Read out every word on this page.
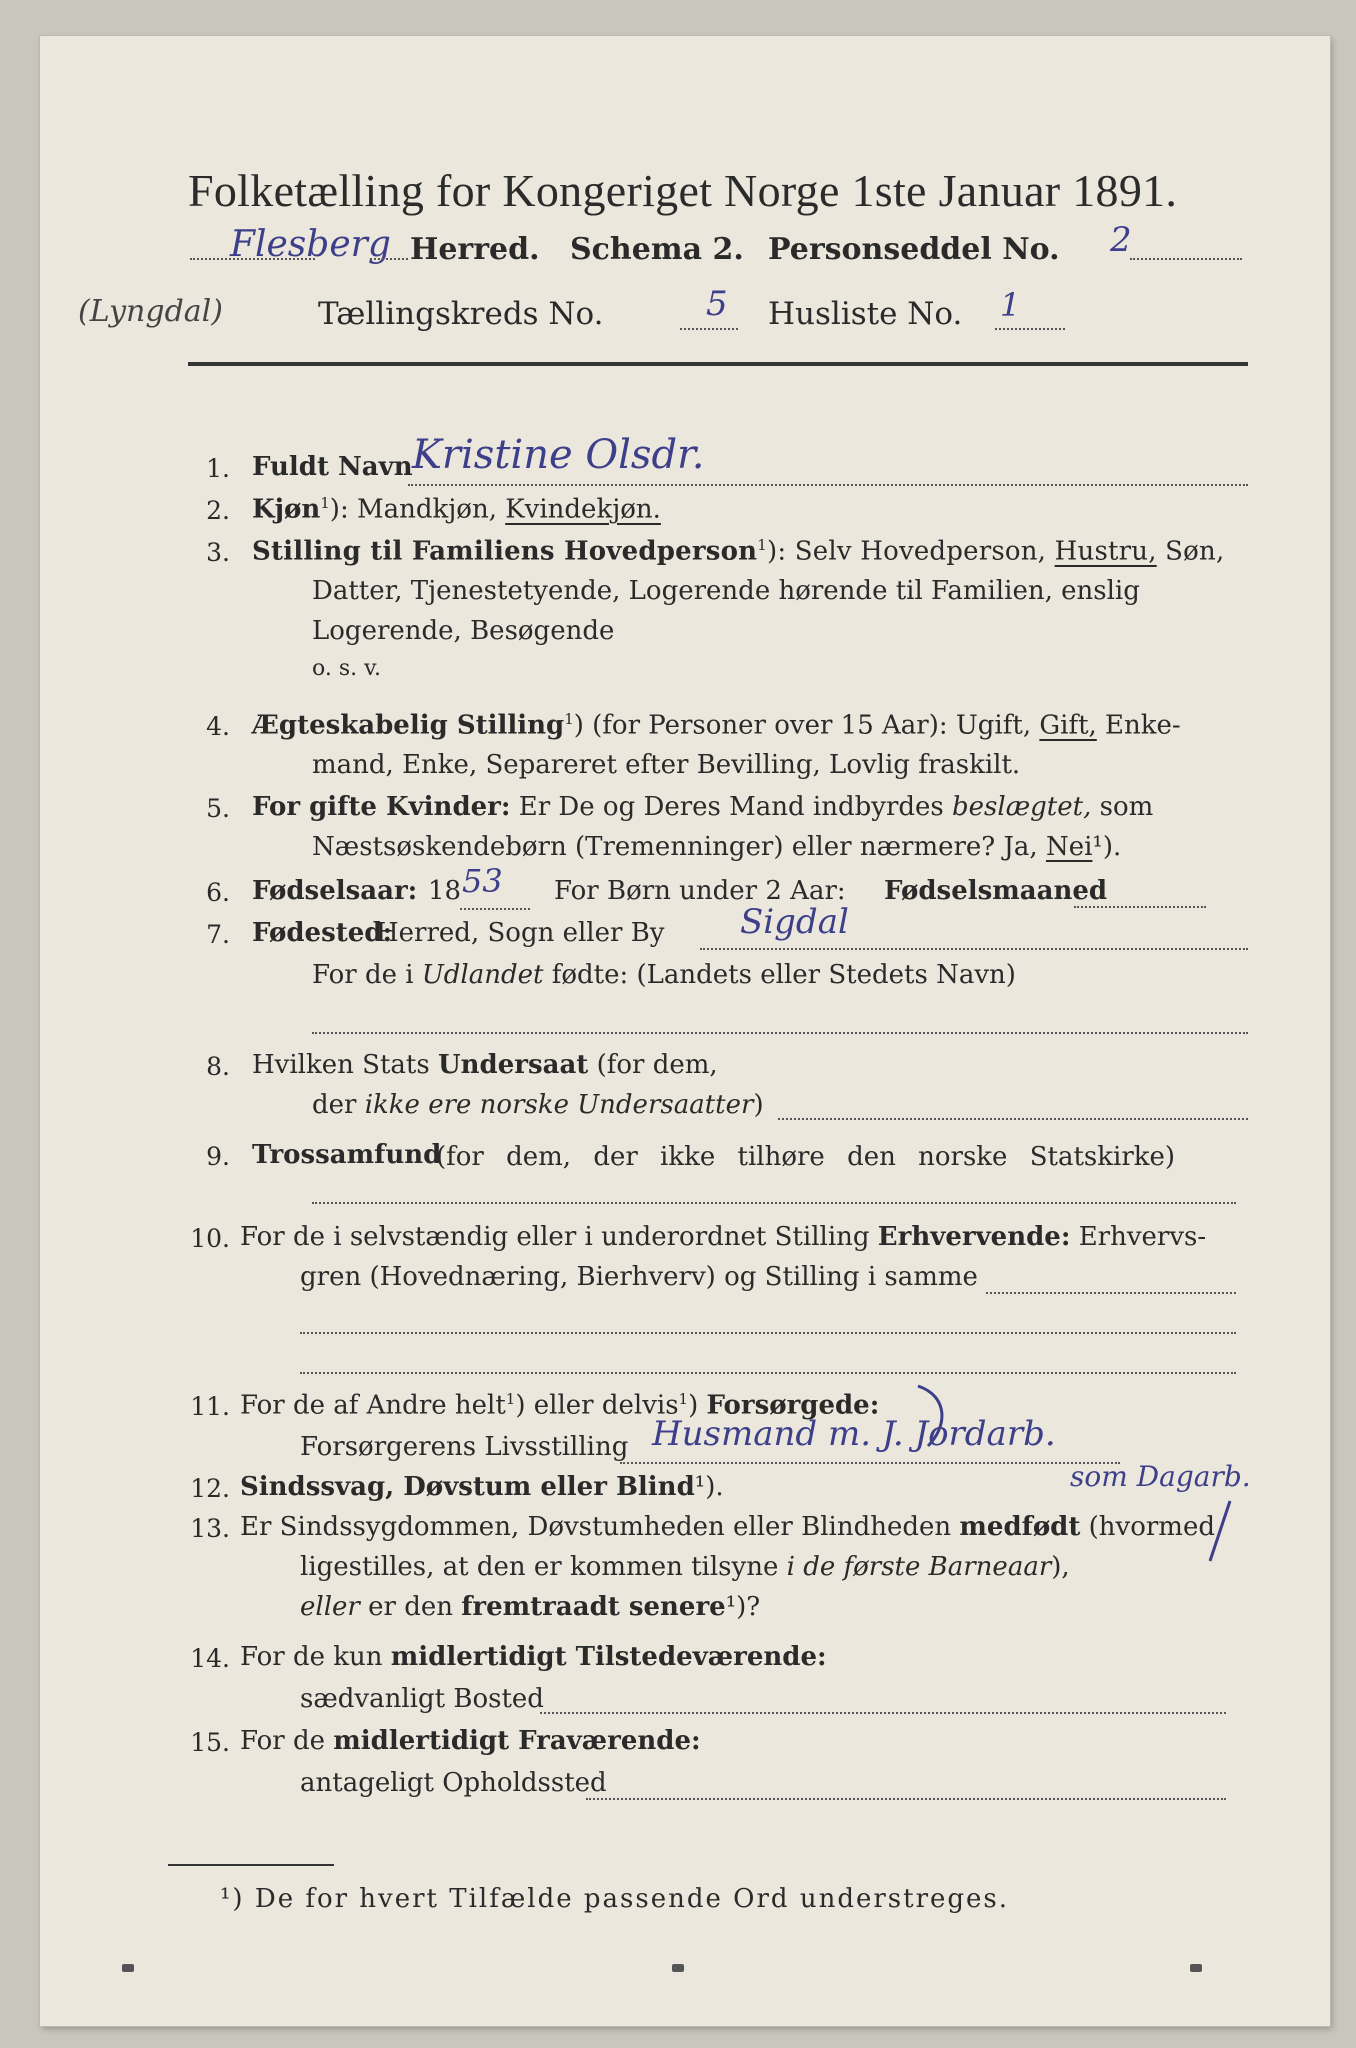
Folketælling for Kongeriget Norge 1ste Januar 1891.
Flesberg Herred. Schema 2. Personseddel No. 2
(Lyngdal)	Tællingskreds No.	5 Husliste No. 1
1. Fuldt Navn Kristine Olsdr.
2. Kjøn$^1$): Mandkjøn, Kvindekjøn.
3. Stilling til Familiens Hovedperson$^1$): Selv Hovedperson, Hustru, Søn,
Datter, Tjenestetyende, Logerende hørende til Familien, enslig
Logerende, Besøgende
o. s. v.
4. Ægteskabelig Stilling$^1$) (for Personer over 15 Aar): Ugift, Gift, Enke-
mand, Enke, Separeret efter Bevilling, Lovlig fraskilt.
5. For gifte Kvinder: Er De og Deres Mand indbyrdes beslægtet, som
Næstsøskendebørn (Tremenninger) eller nærmere? Ja, Nei¹).
6. Fødselsaar: 18 53 For Børn under 2 Aar: Fødselsmaaned
7. Fødested:
Herred, Sogn eller By Sigdal
For de i Udlandet fødte: (Landets eller Stedets Navn)
8. Hvilken Stats Undersaat (for dem,
der ikke ere norske Undersaatter)
9. Trossamfund
(for dem, der ikke tilhøre den norske Statskirke)
10. For de i selvstændig eller i underordnet Stilling Erhvervende: Erhvervs-
gren (Hovednæring, Bierhverv) og Stilling i samme
11. For de af Andre helt$^1$) eller delvis$^1$) Forsørgede:
Forsørgerens Livsstilling Husmand m. J. Jordarb.
som Dagarb.
12. Sindssvag, Døvstum eller Blind¹).
13. Er Sindssygdommen, Døvstumheden eller Blindheden medfødt (hvormed
ligestilles, at den er kommen tilsyne i de første Barneaar),
eller er den fremtraadt senere¹)?
14. For de kun midlertidigt Tilstedeværende:
sædvanligt Bosted
15. For de midlertidigt Fraværende:
antageligt Opholdssted
¹) De for hvert Tilfælde passende Ord understreges.
